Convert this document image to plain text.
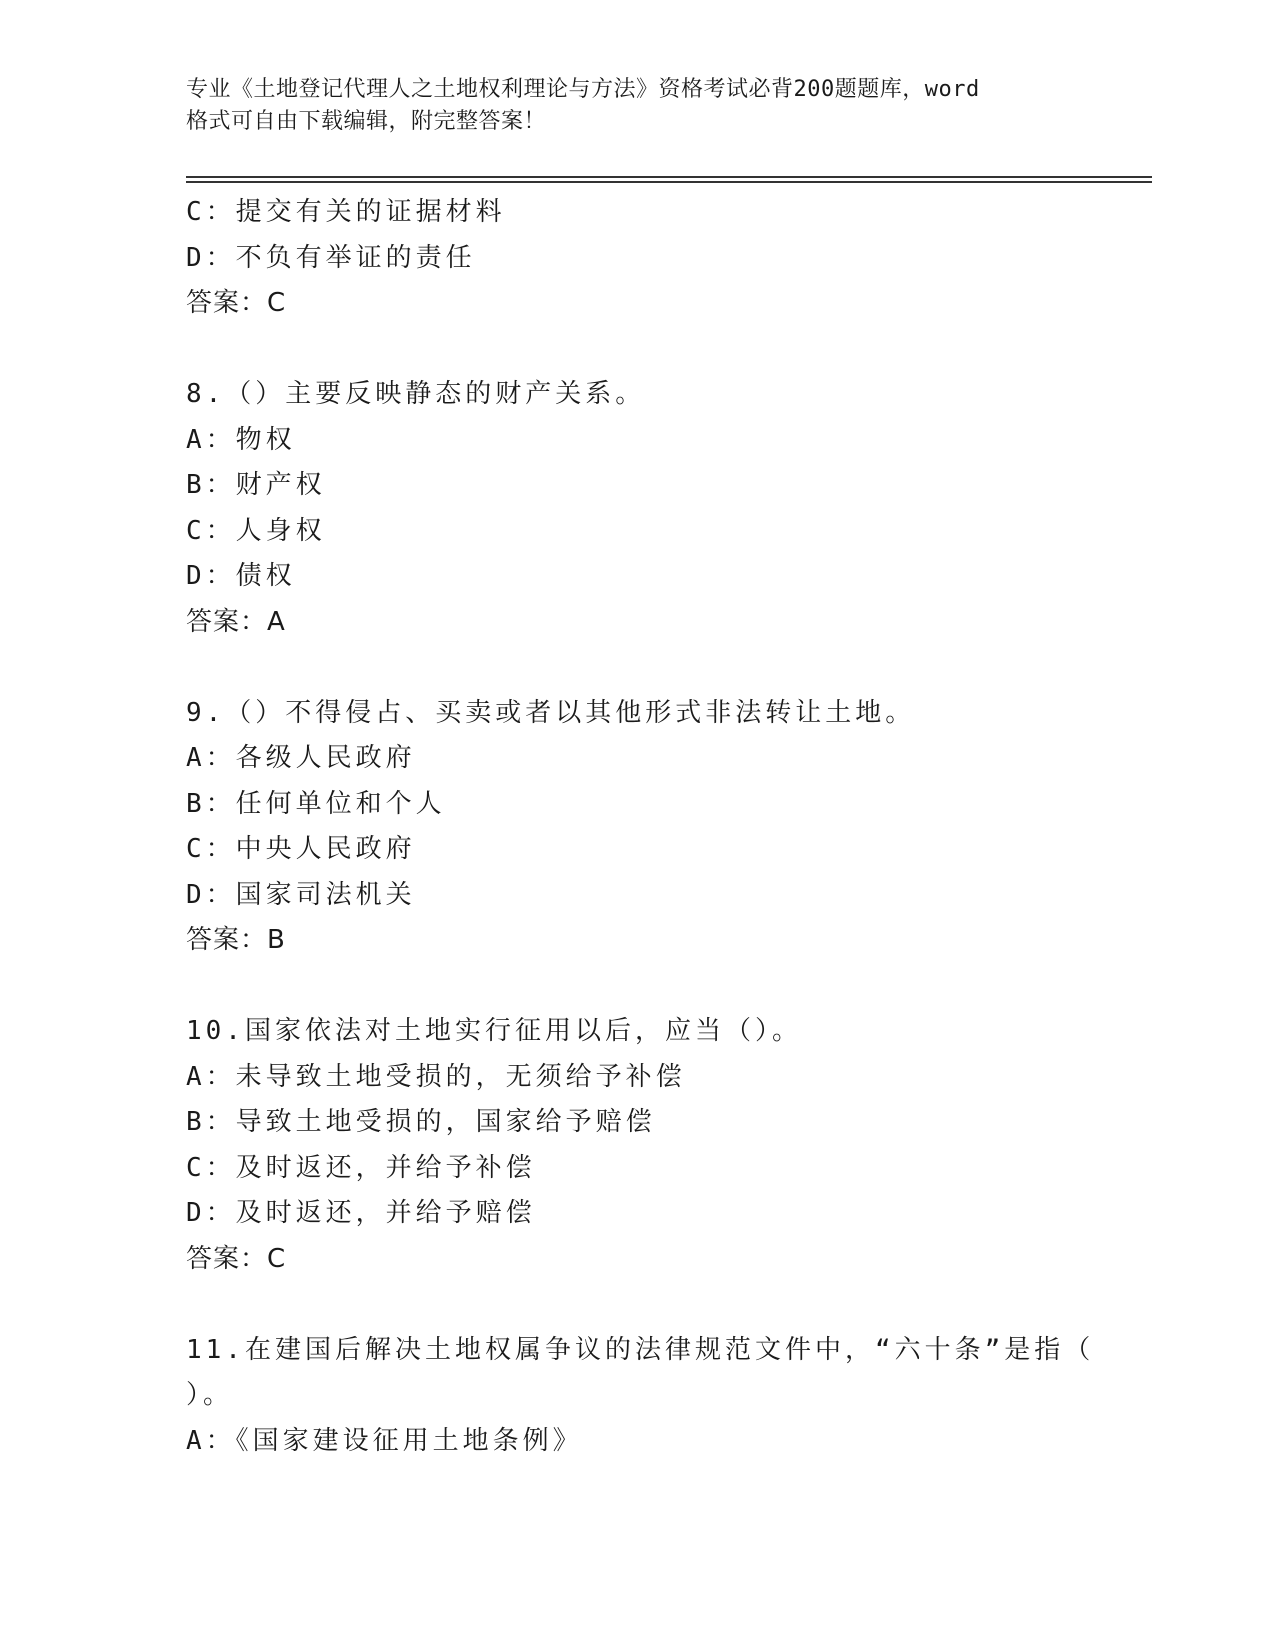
专业《土地登记代理人之土地权利理论与方法》资格考试必背200题题库，word
格式可自由下载编辑，附完整答案！
C：提交有关的证据材料
D：不负有举证的责任
答案：C
8.（）主要反映静态的财产关系。
A：物权
B：财产权
C：人身权
D：债权
答案：A
9.（）不得侵占、买卖或者以其他形式非法转让土地。
A：各级人民政府
B：任何单位和个人
C：中央人民政府
D：国家司法机关
答案：B
10.国家依法对土地实行征用以后，应当（）。
A：未导致土地受损的，无须给予补偿
B：导致土地受损的，国家给予赔偿
C：及时返还，并给予补偿
D：及时返还，并给予赔偿
答案：C
11.在建国后解决土地权属争议的法律规范文件中，“六十条”是指（
）。
A：《国家建设征用土地条例》
